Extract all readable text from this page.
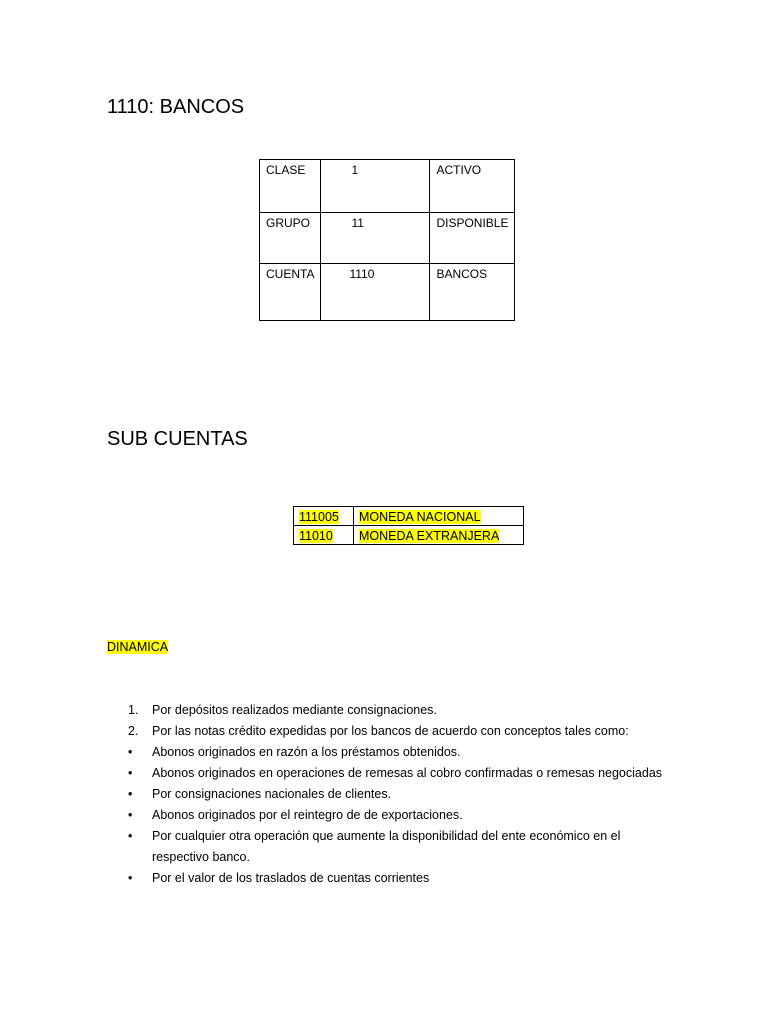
1110: BANCOS
CLASE	1	ACTIVO
GRUPO	11	DISPONIBLE
CUENTA	1110	BANCOS
SUB CUENTAS
111005	MONEDA NACIONAL
11010	MONEDA EXTRANJERA
DINAMICA
1.	Por depósitos realizados mediante consignaciones.
2.	Por las notas crédito expedidas por los bancos de acuerdo con conceptos tales como:
•	Abonos originados en razón a los préstamos obtenidos.
•	Abonos originados en operaciones de remesas al cobro confirmadas o remesas negociadas
•	Por consignaciones nacionales de clientes.
•	Abonos originados por el reintegro de de exportaciones.
•	Por cualquier otra operación que aumente la disponibilidad del ente económico en el respectivo banco.
•	Por el valor de los traslados de cuentas corrientes
